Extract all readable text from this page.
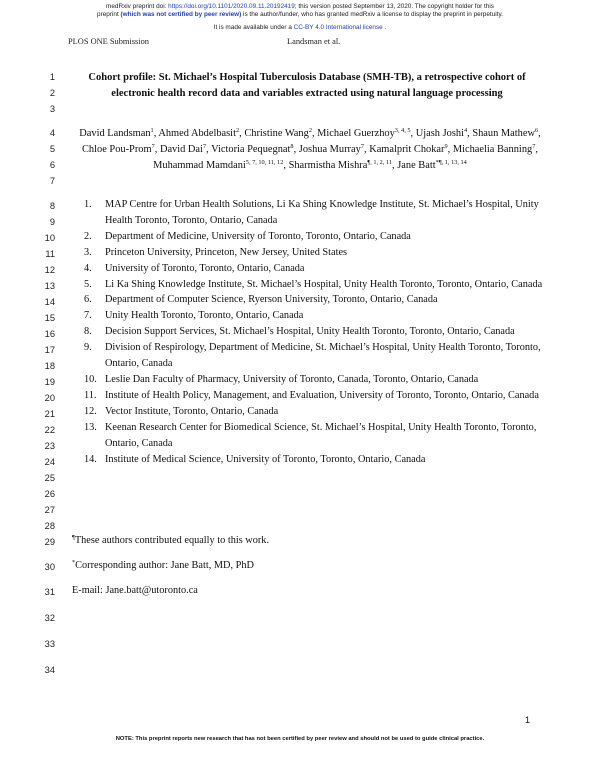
medRxiv preprint doi: https://doi.org/10.1101/2020.09.11.20192419; this version posted September 13, 2020. The copyright holder for this
preprint (which was not certified by peer review) is the author/funder, who has granted medRxiv a license to display the preprint in perpetuity.
It is made available under a CC-BY 4.0 International license .
PLOS ONE Submission	Landsman et al.
1
2
3
4
5
6
7
8
9
10
11
12
13
14
15
16
17
18
19
20
21
22
23
24
25
26
27
28
29
30
31
32
33
34
Cohort profile: St. Michael’s Hospital Tuberculosis Database (SMH-TB), a retrospective cohort of electronic health record data and variables extracted using natural language processing
David Landsman$^1$, Ahmed Abdelbasit$^2$, Christine Wang$^2$, Michael Guerzhoy$^{3, 4, 5}$, Ujash Joshi$^4$, Shaun Mathew$^6$, Chloe Pou-Prom$^7$, David Dai$^7$, Victoria Pequegnat$^8$, Joshua Murray$^7$, Kamalprit Chokar$^9$, Michaelia Banning$^7$, Muhammad Mamdani$^{5, 7, 10, 11, 12}$, Sharmistha Mishra$^{\P, 1, 2, 11}$, Jane Batt$^{*\P, 1, 13, 14}$
1. MAP Centre for Urban Health Solutions, Li Ka Shing Knowledge Institute, St. Michael’s Hospital, Unity Health Toronto, Toronto, Ontario, Canada
2. Department of Medicine, University of Toronto, Toronto, Ontario, Canada
3. Princeton University, Princeton, New Jersey, United States
4. University of Toronto, Toronto, Ontario, Canada
5. Li Ka Shing Knowledge Institute, St. Michael’s Hospital, Unity Health Toronto, Toronto, Ontario, Canada
6. Department of Computer Science, Ryerson University, Toronto, Ontario, Canada
7. Unity Health Toronto, Toronto, Ontario, Canada
8. Decision Support Services, St. Michael’s Hospital, Unity Health Toronto, Toronto, Ontario, Canada
9. Division of Respirology, Department of Medicine, St. Michael’s Hospital, Unity Health Toronto, Toronto, Ontario, Canada
10. Leslie Dan Faculty of Pharmacy, University of Toronto, Canada, Toronto, Ontario, Canada
11. Institute of Health Policy, Management, and Evaluation, University of Toronto, Toronto, Ontario, Canada
12. Vector Institute, Toronto, Ontario, Canada
13. Keenan Research Center for Biomedical Science, St. Michael’s Hospital, Unity Health Toronto, Toronto, Ontario, Canada
14. Institute of Medical Science, University of Toronto, Toronto, Ontario, Canada
¶These authors contributed equally to this work.
*Corresponding author: Jane Batt, MD, PhD
E-mail: Jane.batt@utoronto.ca
1
NOTE: This preprint reports new research that has not been certified by peer review and should not be used to guide clinical practice.
